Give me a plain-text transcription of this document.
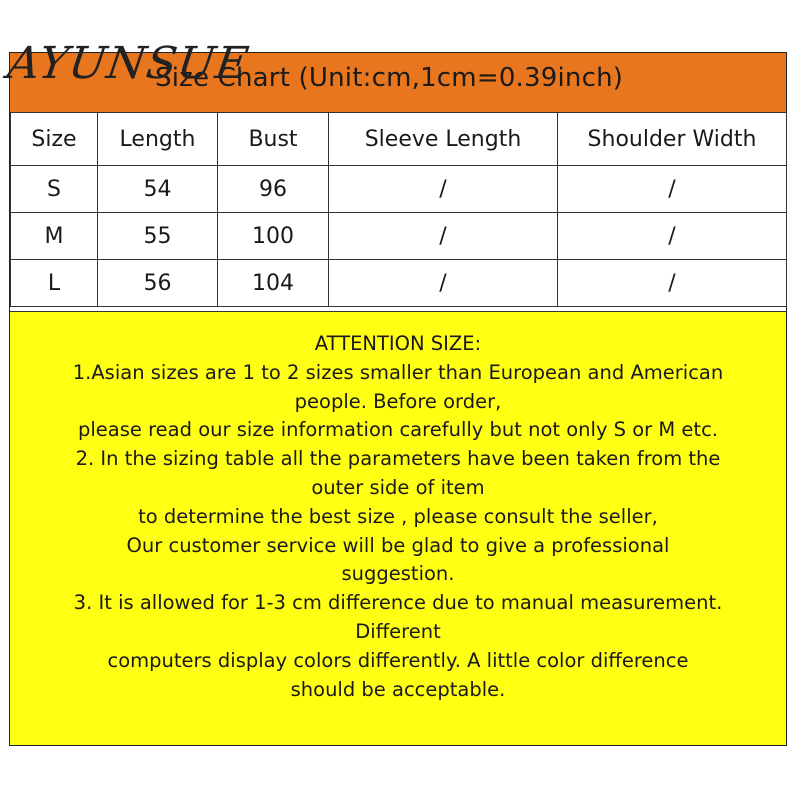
Size Chart (Unit:cm,1cm=0.39inch)
AYUNSUE
Size	Length	Bust	Sleeve Length	Shoulder Width
S	54	96	/	/
M	55	100	/	/
L	56	104	/	/
ATTENTION SIZE:
1.Asian sizes are 1 to 2 sizes smaller than European and American
people. Before order,
please read our size information carefully but not only S or M etc.
2. In the sizing table all the parameters have been taken from the
outer side of item
to determine the best size , please consult the seller,
Our customer service will be glad to give a professional
suggestion.
3. It is allowed for 1-3 cm difference due to manual measurement.
Different
computers display colors differently. A little color difference
should be acceptable.
